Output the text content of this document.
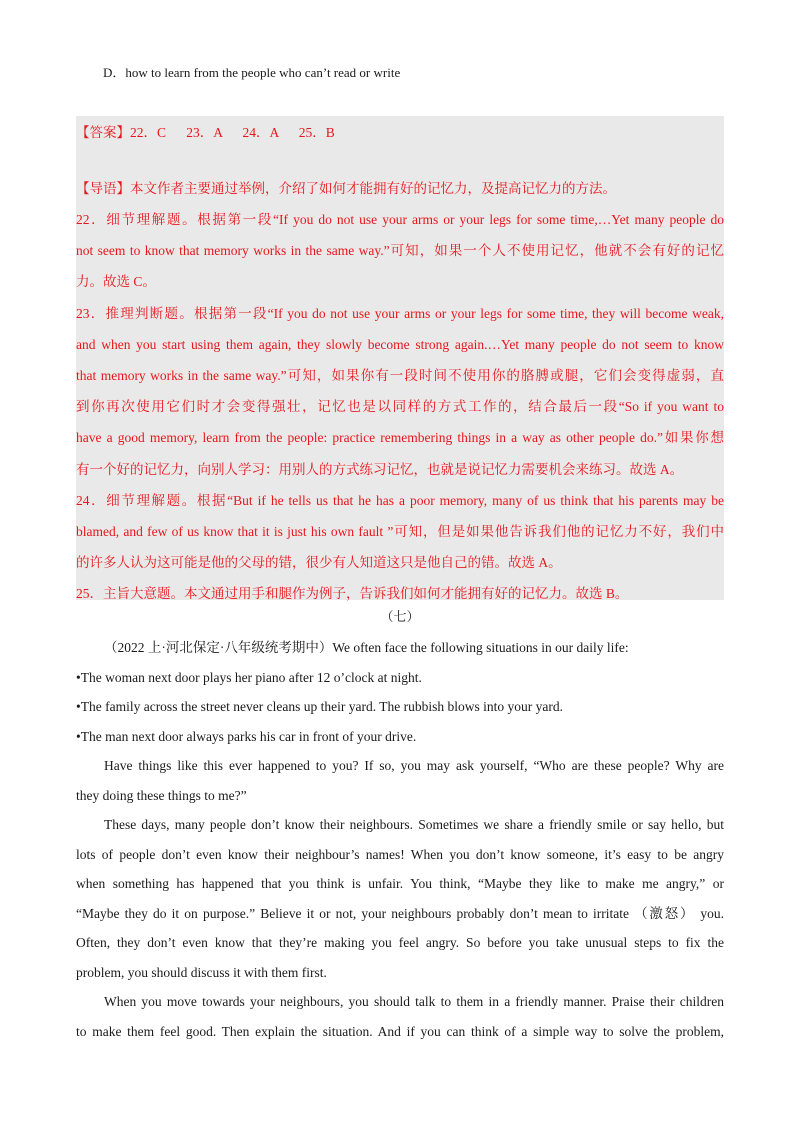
D．how to learn from the people who can’t read or write
【答案】22．C      23．A      24．A      25．B
【导语】本文作者主要通过举例，介绍了如何才能拥有好的记忆力，及提高记忆力的方法。
22．细节理解题。根据第一段“If you do not use your arms or your legs for some time,…Yet many people do
not seem to know that memory works in the same way.”可知，如果一个人不使用记忆，他就不会有好的记忆
力。故选 C。
23．推理判断题。根据第一段“If you do not use your arms or your legs for some time, they will become weak,
and when you start using them again, they slowly become strong again.…Yet many people do not seem to know
that memory works in the same way.”可知，如果你有一段时间不使用你的胳膊或腿，它们会变得虚弱，直
到你再次使用它们时才会变得强壮，记忆也是以同样的方式工作的，结合最后一段“So if you want to
have a good memory, learn from the people: practice remembering things in a way as other people do.”如果你想
有一个好的记忆力，向别人学习：用别人的方式练习记忆，也就是说记忆力需要机会来练习。故选 A。
24．细节理解题。根据“But if he tells us that he has a poor memory, many of us think that his parents may be
blamed, and few of us know that it is just his own fault ”可知，但是如果他告诉我们他的记忆力不好，我们中
的许多人认为这可能是他的父母的错，很少有人知道这只是他自己的错。故选 A。
25．主旨大意题。本文通过用手和腿作为例子，告诉我们如何才能拥有好的记忆力。故选 B。
（七）
（2022 上·河北保定·八年级统考期中）We often face the following situations in our daily life:
•The woman next door plays her piano after 12 o’clock at night.
•The family across the street never cleans up their yard. The rubbish blows into your yard.
•The man next door always parks his car in front of your drive.
Have things like this ever happened to you? If so, you may ask yourself, “Who are these people? Why are
they doing these things to me?”
These days, many people don’t know their neighbours. Sometimes we share a friendly smile or say hello, but
lots of people don’t even know their neighbour’s names! When you don’t know someone, it’s easy to be angry
when something has happened that you think is unfair. You think, “Maybe they like to make me angry,” or
“Maybe they do it on purpose.” Believe it or not, your neighbours probably don’t mean to irritate （激怒） you.
Often, they don’t even know that they’re making you feel angry. So before you take unusual steps to fix the
problem, you should discuss it with them first.
When you move towards your neighbours, you should talk to them in a friendly manner. Praise their children
to make them feel good. Then explain the situation. And if you can think of a simple way to solve the problem,
